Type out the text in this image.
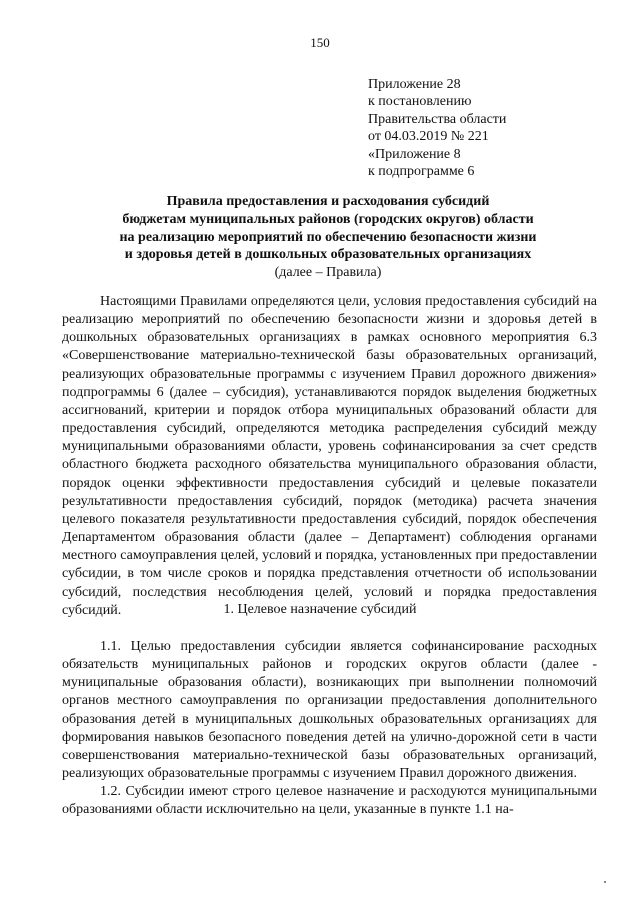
150
Приложение 28
к постановлению
Правительства области
от 04.03.2019 № 221
«Приложение 8
к подпрограмме 6
Правила предоставления и расходования субсидий
бюджетам муниципальных районов (городских округов) области
на реализацию мероприятий по обеспечению безопасности жизни
и здоровья детей в дошкольных образовательных организациях
(далее – Правила)

Настоящими Правилами определяются цели, условия предоставления субсидий на реализацию мероприятий по обеспечению безопасности жизни и здоровья детей в дошкольных образовательных организациях в рамках основного мероприятия 6.3 «Совершенствование материально-технической базы образовательных организаций, реализующих образовательные программы с изучением Правил дорожного движения» подпрограммы 6 (далее – субсидия), устанавливаются порядок выделения бюджетных ассигнований, критерии и порядок отбора муниципальных образований области для предоставления субсидий, определяются методика распределения субсидий между муниципальными образованиями области, уровень софинансирования за счет средств областного бюджета расходного обязательства муниципального образования области, порядок оценки эффективности предоставления субсидий и целевые показатели результативности предоставления субсидий, порядок (методика) расчета значения целевого показателя результативности предоставления субсидий, порядок обеспечения Департаментом образования области (далее – Департамент) соблюдения органами местного самоуправления целей, условий и порядка, установленных при предоставлении субсидии, в том числе сроков и порядка представления отчетности об использовании субсидий, последствия несоблюдения целей, условий и порядка предоставления субсидий.	1. Целевое назначение субсидий

1.1. Целью предоставления субсидии является софинансирование расходных обязательств муниципальных районов и городских округов области (далее - муниципальные образования области), возникающих при выполнении полномочий органов местного самоуправления по организации предоставления дополнительного образования детей в муниципальных дошкольных образовательных организациях для формирования навыков безопасного поведения детей на улично-дорожной сети в части совершенствования материально-технической базы образовательных организаций, реализующих образовательные программы с изучением Правил дорожного движения.

1.2. Субсидии имеют строго целевое назначение и расходуются муниципальными образованиями области исключительно на цели, указанные в пункте 1.1 на-
